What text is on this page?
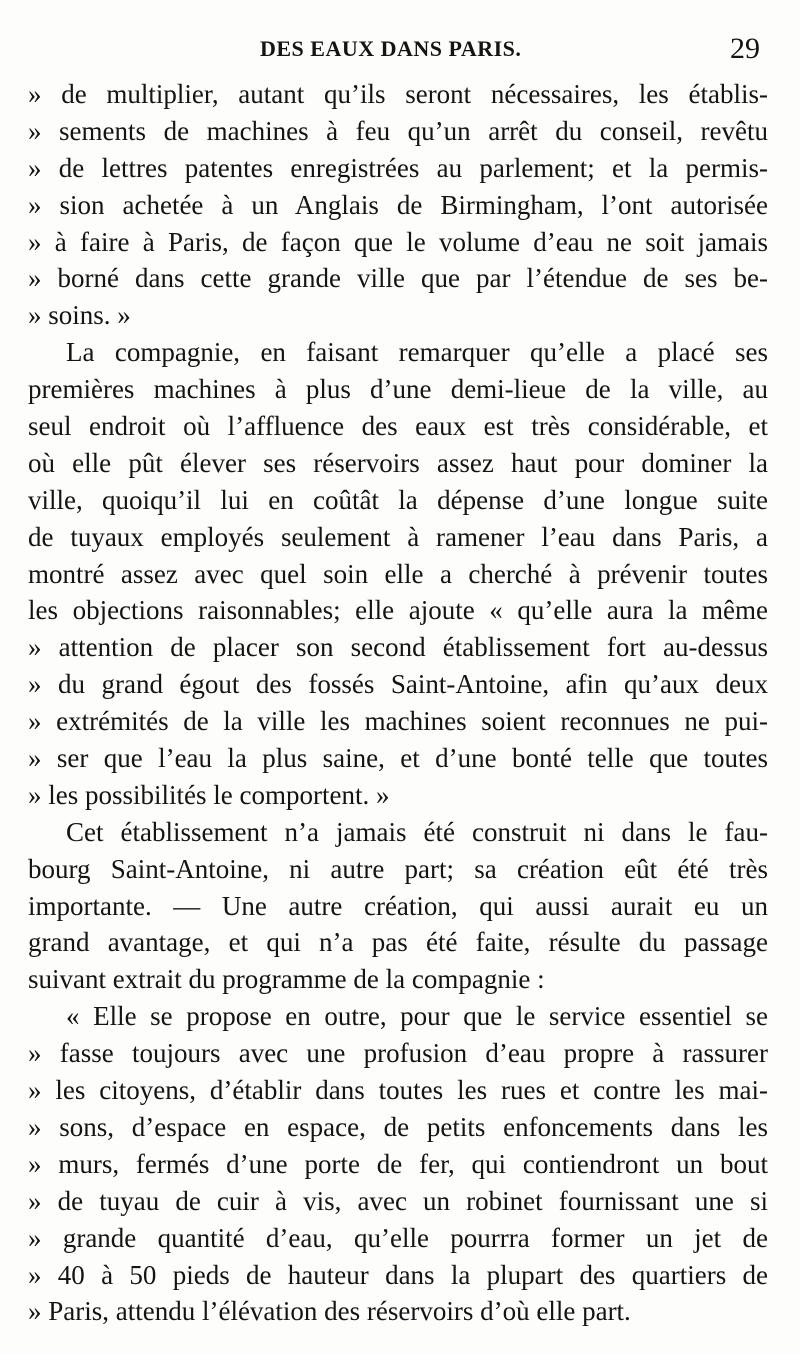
DES EAUX DANS PARIS.	29
» de multiplier, autant qu’ils seront nécessaires, les établis-
» sements de machines à feu qu’un arrêt du conseil, revêtu
» de lettres patentes enregistrées au parlement; et la permis-
» sion achetée à un Anglais de Birmingham, l’ont autorisée
» à faire à Paris, de façon que le volume d’eau ne soit jamais
» borné dans cette grande ville que par l’étendue de ses be-
» soins. »
La compagnie, en faisant remarquer qu’elle a placé ses
premières machines à plus d’une demi-lieue de la ville, au
seul endroit où l’affluence des eaux est très considérable, et
où elle pût élever ses réservoirs assez haut pour dominer la
ville, quoiqu’il lui en coûtât la dépense d’une longue suite
de tuyaux employés seulement à ramener l’eau dans Paris, a
montré assez avec quel soin elle a cherché à prévenir toutes
les objections raisonnables; elle ajoute « qu’elle aura la même
» attention de placer son second établissement fort au-dessus
» du grand égout des fossés Saint-Antoine, afin qu’aux deux
» extrémités de la ville les machines soient reconnues ne pui-
» ser que l’eau la plus saine, et d’une bonté telle que toutes
» les possibilités le comportent. »
Cet établissement n’a jamais été construit ni dans le fau-
bourg Saint-Antoine, ni autre part; sa création eût été très
importante. — Une autre création, qui aussi aurait eu un
grand avantage, et qui n’a pas été faite, résulte du passage
suivant extrait du programme de la compagnie :
« Elle se propose en outre, pour que le service essentiel se
» fasse toujours avec une profusion d’eau propre à rassurer
» les citoyens, d’établir dans toutes les rues et contre les mai-
» sons, d’espace en espace, de petits enfoncements dans les
» murs, fermés d’une porte de fer, qui contiendront un bout
» de tuyau de cuir à vis, avec un robinet fournissant une si
» grande quantité d’eau, qu’elle pourrra former un jet de
» 40 à 50 pieds de hauteur dans la plupart des quartiers de
» Paris, attendu l’élévation des réservoirs d’où elle part.
